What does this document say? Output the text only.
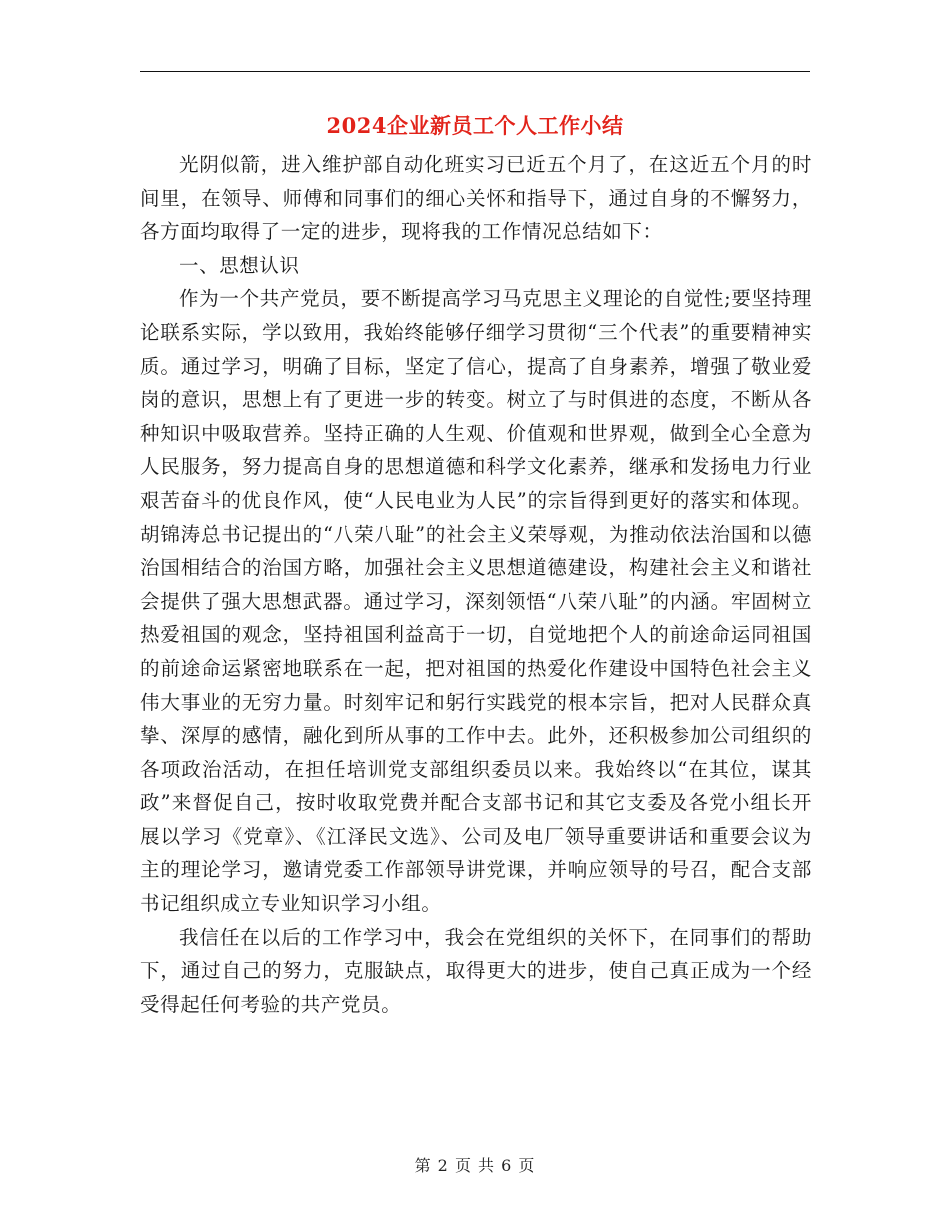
2024企业新员工个人工作小结

光阴似箭，进入维护部自动化班实习已近五个月了，在这近五个月的时间里，在领导、师傅和同事们的细心关怀和指导下，通过自身的不懈努力，各方面均取得了一定的进步，现将我的工作情况总结如下：

一、思想认识

作为一个共产党员，要不断提高学习马克思主义理论的自觉性;要坚持理论联系实际，学以致用，我始终能够仔细学习贯彻“三个代表”的重要精神实质。通过学习，明确了目标，坚定了信心，提高了自身素养，增强了敬业爱岗的意识，思想上有了更进一步的转变。树立了与时俱进的态度，不断从各种知识中吸取营养。坚持正确的人生观、价值观和世界观，做到全心全意为人民服务，努力提高自身的思想道德和科学文化素养，继承和发扬电力行业艰苦奋斗的优良作风，使“人民电业为人民”的宗旨得到更好的落实和体现。胡锦涛总书记提出的“八荣八耻”的社会主义荣辱观，为推动依法治国和以德治国相结合的治国方略，加强社会主义思想道德建设，构建社会主义和谐社会提供了强大思想武器。通过学习，深刻领悟“八荣八耻”的内涵。牢固树立热爱祖国的观念，坚持祖国利益高于一切，自觉地把个人的前途命运同祖国的前途命运紧密地联系在一起，把对祖国的热爱化作建设中国特色社会主义伟大事业的无穷力量。时刻牢记和躬行实践党的根本宗旨，把对人民群众真挚、深厚的感情，融化到所从事的工作中去。此外，还积极参加公司组织的各项政治活动，在担任培训党支部组织委员以来。我始终以“在其位，谋其政”来督促自己，按时收取党费并配合支部书记和其它支委及各党小组长开展以学习《党章》、《江泽民文选》、公司及电厂领导重要讲话和重要会议为主的理论学习，邀请党委工作部领导讲党课，并响应领导的号召，配合支部书记组织成立专业知识学习小组。

我信任在以后的工作学习中，我会在党组织的关怀下，在同事们的帮助下，通过自己的努力，克服缺点，取得更大的进步，使自己真正成为一个经受得起任何考验的共产党员。

第 2 页 共 6 页
